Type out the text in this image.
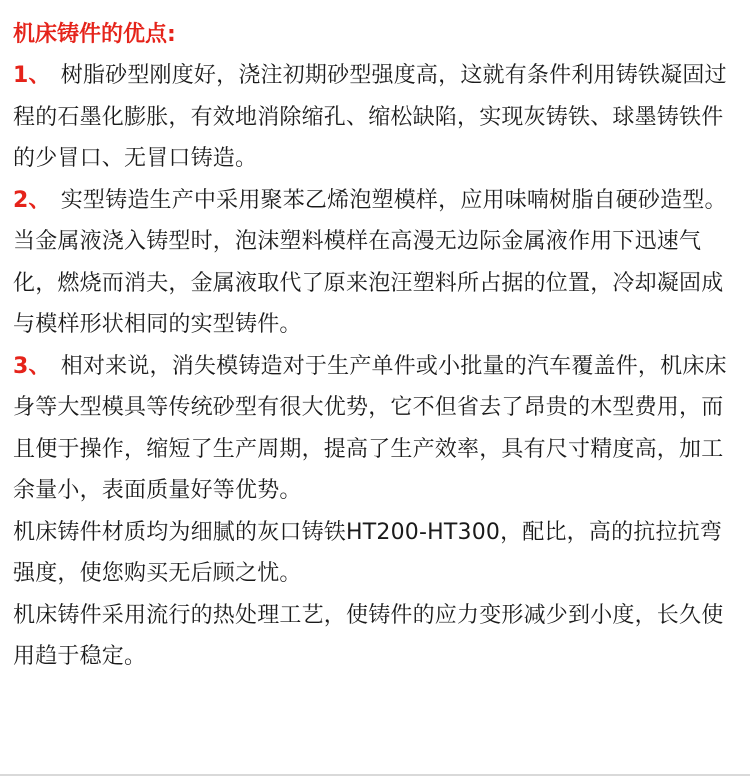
机床铸件的优点:

1、 树脂砂型刚度好，浇注初期砂型强度高，这就有条件利用铸铁凝固过程的石墨化膨胀，有效地消除缩孔、缩松缺陷，实现灰铸铁、球墨铸铁件的少冒口、无冒口铸造。

2、 实型铸造生产中采用聚苯乙烯泡塑模样，应用味喃树脂自硬砂造型。当金属液浇入铸型时，泡沫塑料模样在高漫无边际金属液作用下迅速气化，燃烧而消夫，金属液取代了原来泡汪塑料所占据的位置，冷却凝固成与模样形状相同的实型铸件。

3、 相对来说，消失模铸造对于生产单件或小批量的汽车覆盖件，机床床身等大型模具等传统砂型有很大优势，它不但省去了昂贵的木型费用，而且便于操作，缩短了生产周期，提高了生产效率，具有尺寸精度高，加工余量小，表面质量好等优势。

机床铸件材质均为细腻的灰口铸铁HT200-HT300，配比，高的抗拉抗弯强度，使您购买无后顾之忧。

机床铸件采用流行的热处理工艺，使铸件的应力变形减少到小度，长久使用趋于稳定。
